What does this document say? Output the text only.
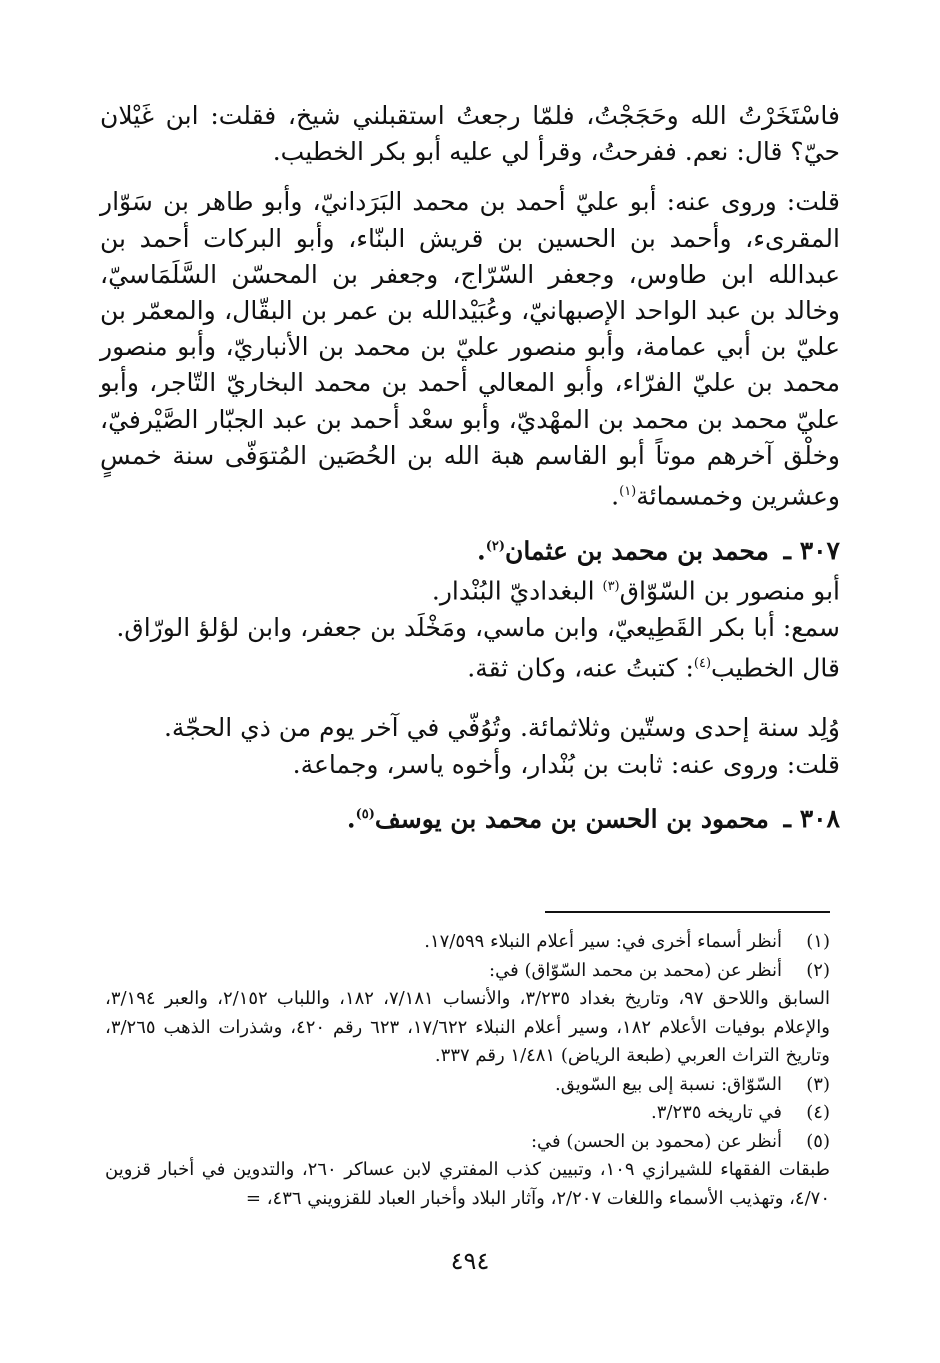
فاسْتَخَرْتُ الله وحَجَجْتُ، فلمّا رجعتُ استقبلني شيخ، فقلت: ابن غَيْلان حيّ؟ قال: نعم. ففرحتُ، وقرأ لي عليه أبو بكر الخطيب.

قلت: وروى عنه: أبو عليّ أحمد بن محمد البَرَدانيّ، وأبو طاهر بن سَوّار المقرىء، وأحمد بن الحسين بن قريش البنّاء، وأبو البركات أحمد بن عبدالله ابن طاوس، وجعفر السّرّاج، وجعفر بن المحسّن السَّلَمَاسيّ، وخالد بن عبد الواحد الإصبهانيّ، وعُبَيْدالله بن عمر بن البقّال، والمعمّر بن عليّ بن أبي عمامة، وأبو منصور عليّ بن محمد بن الأنباريّ، وأبو منصور محمد بن عليّ الفرّاء، وأبو المعالي أحمد بن محمد البخاريّ التّاجر، وأبو عليّ محمد بن محمد بن المهْديّ، وأبو سعْد أحمد بن عبد الجبّار الصَّيْرفيّ، وخلْق آخرهم موتاً أبو القاسم هبة الله بن الحُصَين المُتوَفّى سنة خمسٍ وعشرين وخمسمائة$^{(١)}$.

٣٠٧ ـ محمد بن محمد بن عثمان$^{(٢)}$.

أبو منصور بن السّوّاق$^{(٣)}$ البغداديّ البُنْدار.

سمع: أبا بكر القَطِيعيّ، وابن ماسي، ومَخْلَد بن جعفر، وابن لؤلؤ الورّاق.

قال الخطيب$^{(٤)}$: كتبتُ عنه، وكان ثقة.

وُلِد سنة إحدى وستّين وثلاثمائة. وتُوُفّي في آخر يوم من ذي الحجّة.

قلت: وروى عنه: ثابت بن بُنْدار، وأخوه ياسر، وجماعة.

٣٠٨ ـ محمود بن الحسن بن محمد بن يوسف$^{(٥)}$.

(١)
أنظر أسماء أخرى في: سير أعلام النبلاء ١٧/٥٩٩.
(٢)
أنظر عن (محمد بن محمد السّوّاق) في:
السابق واللاحق ٩٧، وتاريخ بغداد ٣/٢٣٥، والأنساب ٧/١٨١، ١٨٢، واللباب ٢/١٥٢، والعبر ٣/١٩٤، والإعلام بوفيات الأعلام ١٨٢، وسير أعلام النبلاء ١٧/٦٢٢، ٦٢٣ رقم ٤٢٠، وشذرات الذهب ٣/٢٦٥، وتاريخ التراث العربي (طبعة الرياض) ١/٤٨١ رقم ٣٣٧.
(٣)
السّوّاق: نسبة إلى بيع السّويق.
(٤)
في تاريخه ٣/٢٣٥.
(٥)
أنظر عن (محمود بن الحسن) في:
طبقات الفقهاء للشيرازي ١٠٩، وتبيين كذب المفتري لابن عساكر ٢٦٠، والتدوين في أخبار قزوين ٤/٧٠، وتهذيب الأسماء واللغات ٢/٢٠٧، وآثار البلاد وأخبار العباد للقزويني ٤٣٦، =
٤٩٤
